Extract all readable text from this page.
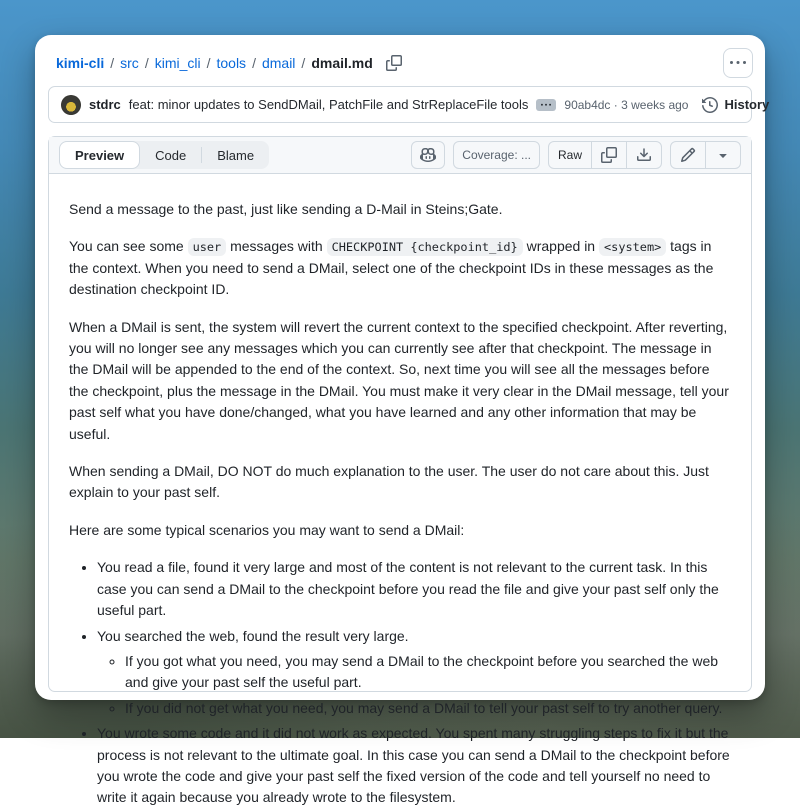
kimi-cli / src / kimi_cli / tools / dmail / dmail.md
stdrc feat: minor updates to SendDMail, PatchFile and StrReplaceFile tools	90ab4dc · 3 weeks ago	History
Preview	Code	Blame	Coverage: ...	Raw

Send a message to the past, just like sending a D-Mail in Steins;Gate.

You can see some user messages with CHECKPOINT {checkpoint_id} wrapped in <system> tags in the context. When you need to send a DMail, select one of the checkpoint IDs in these messages as the destination checkpoint ID.

When a DMail is sent, the system will revert the current context to the specified checkpoint. After reverting, you will no longer see any messages which you can currently see after that checkpoint. The message in the DMail will be appended to the end of the context. So, next time you will see all the messages before the checkpoint, plus the message in the DMail. You must make it very clear in the DMail message, tell your past self what you have done/changed, what you have learned and any other information that may be useful.

When sending a DMail, DO NOT do much explanation to the user. The user do not care about this. Just explain to your past self.

Here are some typical scenarios you may want to send a DMail:

• You read a file, found it very large and most of the content is not relevant to the current task. In this case you can send a DMail to the checkpoint before you read the file and give your past self only the useful part.
• You searched the web, found the result very large.
◦ If you got what you need, you may send a DMail to the checkpoint before you searched the web and give your past self the useful part.
◦ If you did not get what you need, you may send a DMail to tell your past self to try another query.
• You wrote some code and it did not work as expected. You spent many struggling steps to fix it but the process is not relevant to the ultimate goal. In this case you can send a DMail to the checkpoint before you wrote the code and give your past self the fixed version of the code and tell yourself no need to write it again because you already wrote to the filesystem.
